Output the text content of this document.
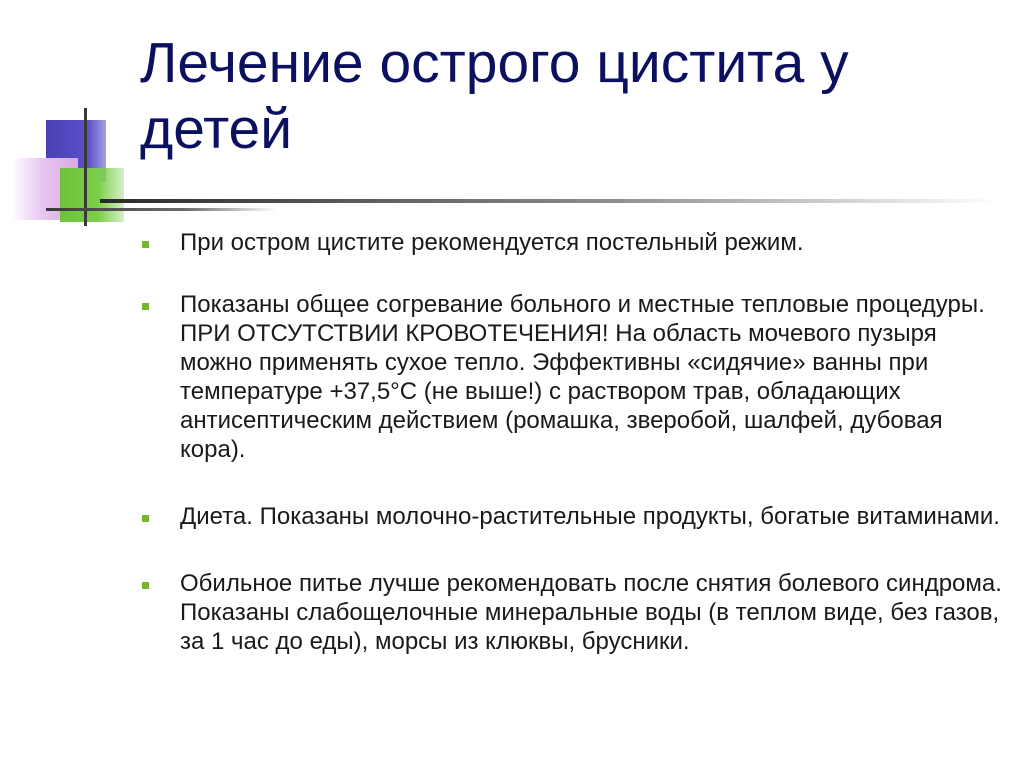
Лечение острого цистита у детей
При остром цистите рекомендуется постельный режим.
Показаны общее согревание больного и местные тепловые процедуры. ПРИ ОТСУТСТВИИ КРОВОТЕЧЕНИЯ! На область мочевого пузыря можно применять сухое тепло. Эффективны «сидячие» ванны при температуре +37,5°С (не выше!) с раствором трав, обладающих антисептическим действием (ромашка, зверобой, шалфей, дубовая кора).
Диета. Показаны молочно-растительные продукты, богатые витаминами.
Обильное питье лучше рекомендовать после снятия болевого синдрома. Показаны слабощелочные минеральные воды (в теплом виде, без газов, за 1 час до еды), морсы из клюквы, брусники.
